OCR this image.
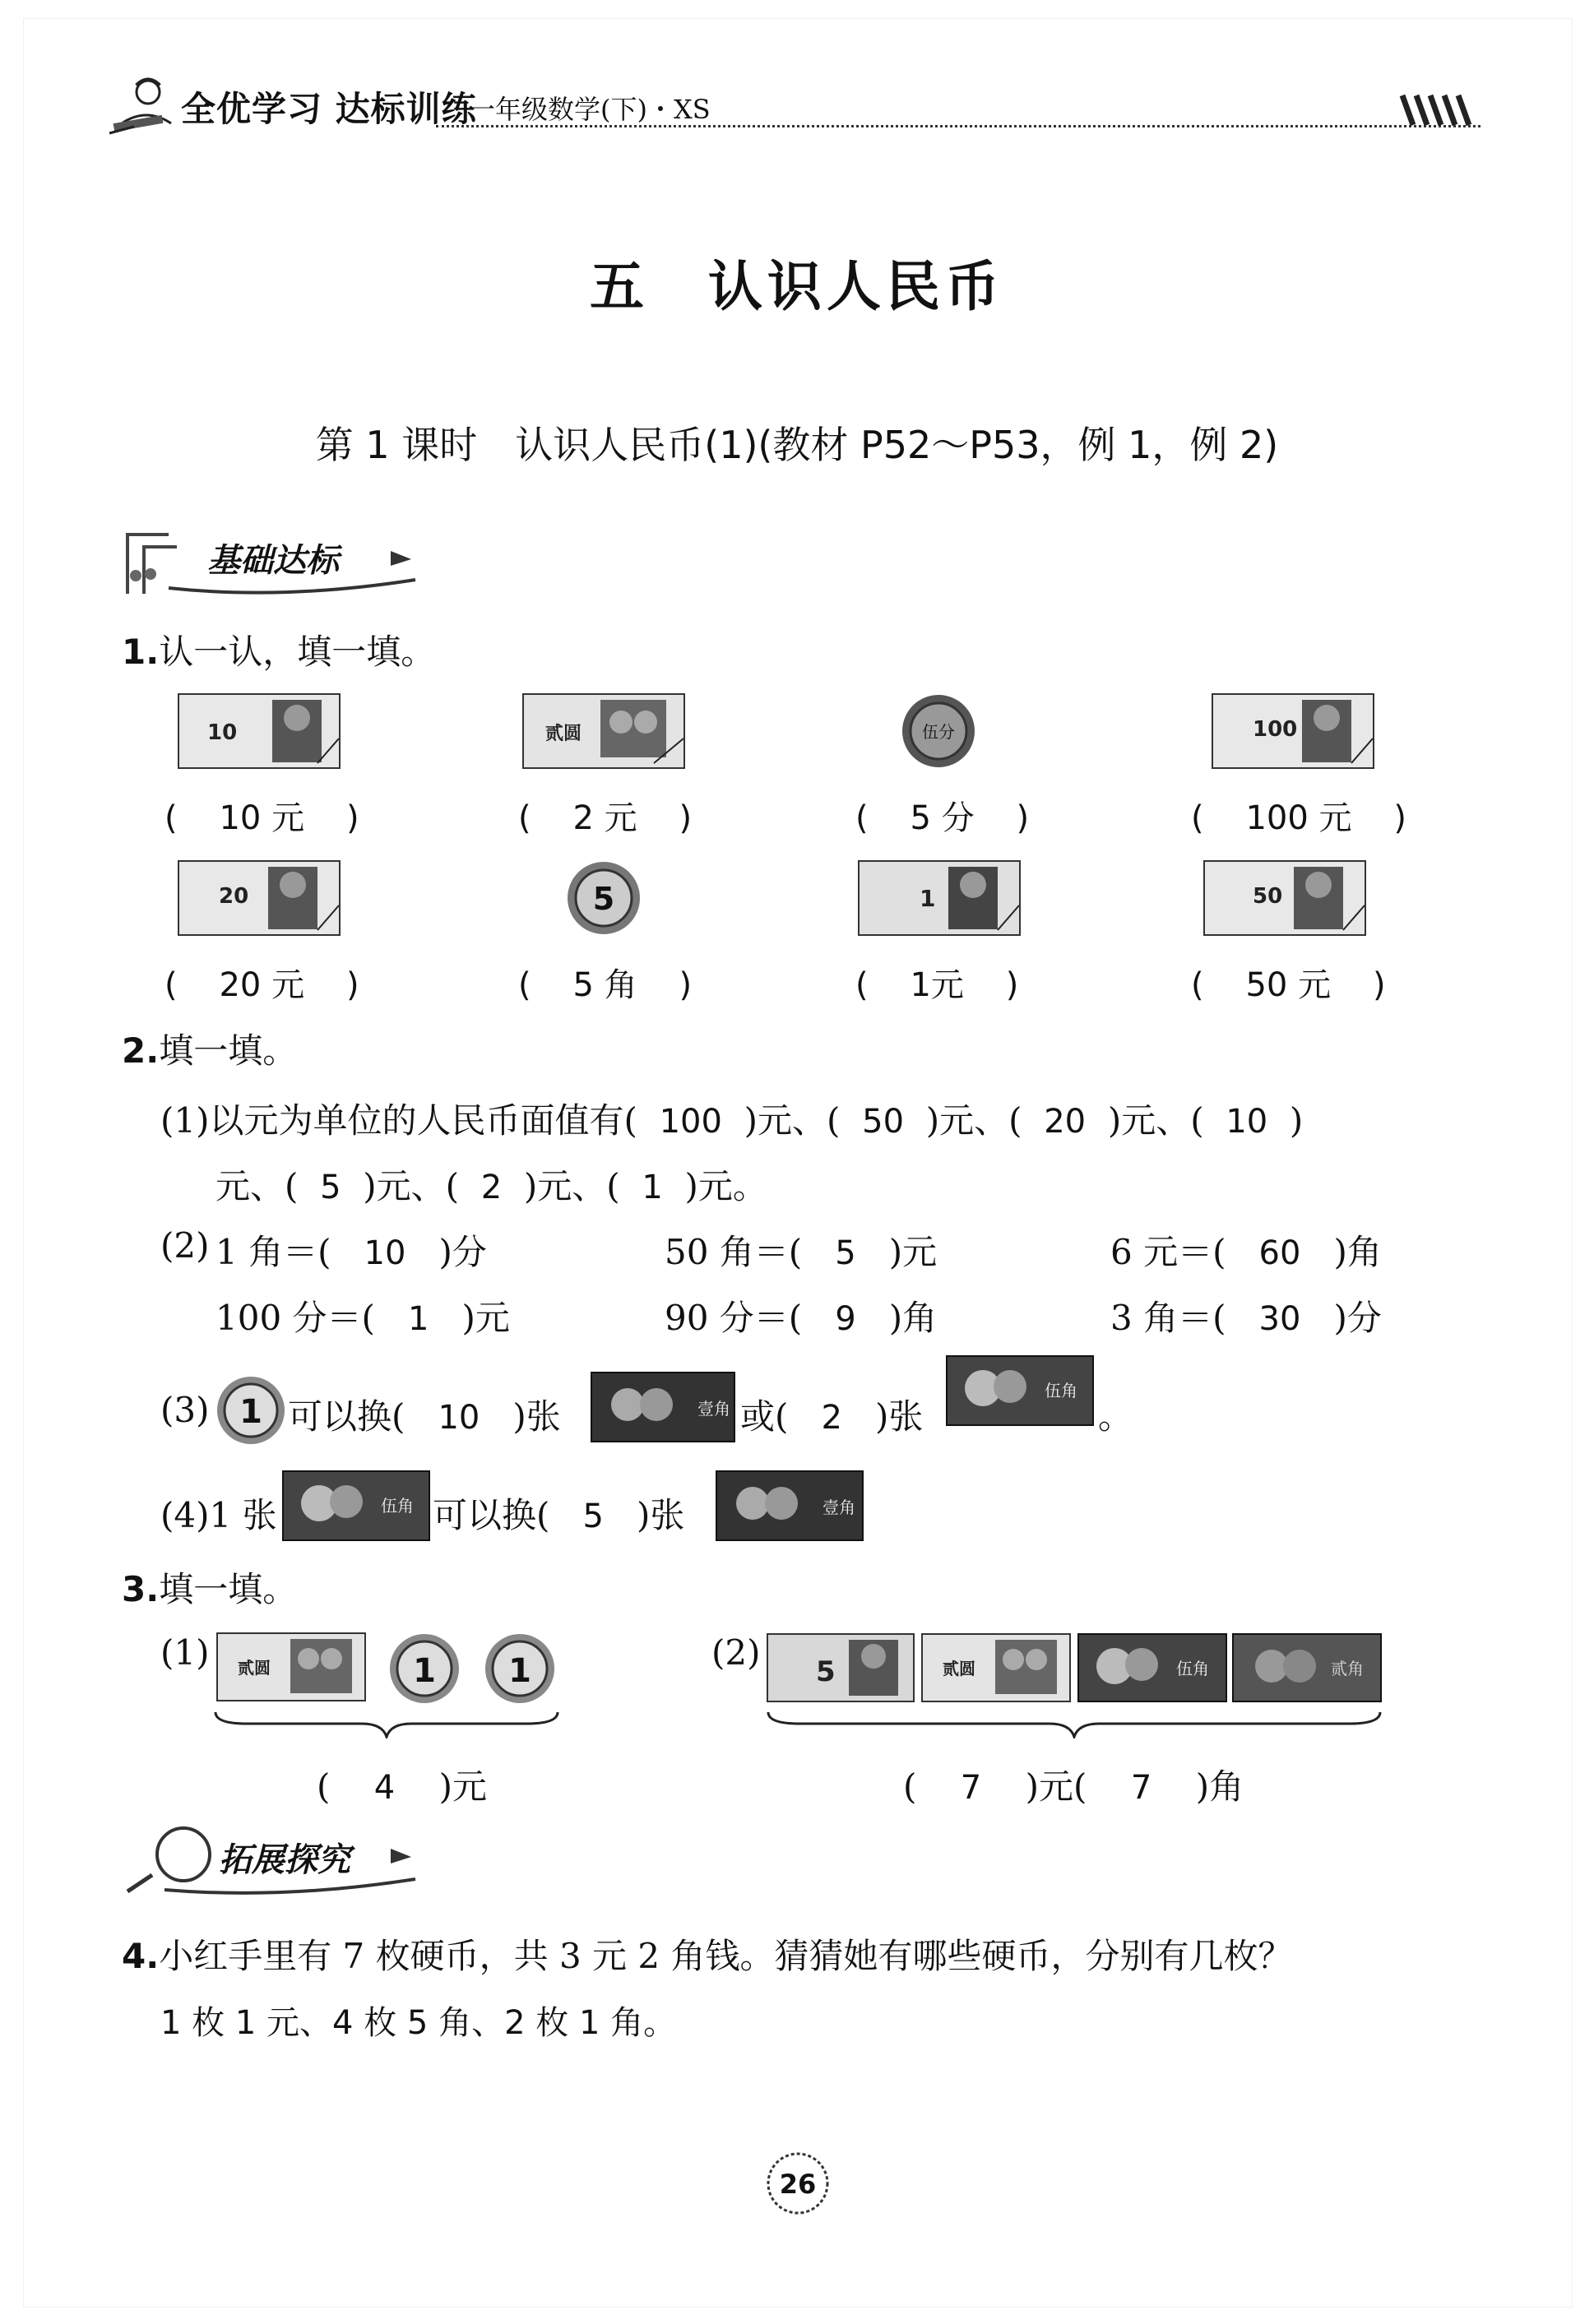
全优学习 达标训练
一年级数学(下)・XS
五　认识人民币
第 1 课时　认识人民币(1)(教材 P52～P53，例 1，例 2)
基础达标
1.认一认，填一填。
10	贰圆	伍分	100
(    10 元    )	(    2 元    )	(    5 分    )	(    100 元    )
20	5	1	50
(    20 元    )	(    5 角    )	(    1元    )	(    50 元    )
2.填一填。
(1)以元为单位的人民币面值有( 100 )元、( 50 )元、( 20 )元、( 10  )
元、( 5 )元、( 2 )元、( 1 )元。
(2) 1 角＝( 10 )分	50 角＝( 5 )元	6 元＝( 60 )角
100 分＝( 1 )元	90 分＝( 9 )角	3 角＝( 30 )分
(3) 1 可以换( 10 )张	壹角 或( 2 )张
伍角
。
(4)1 张	伍角 可以换( 5 )张	壹角
3.填一填。
(1) 贰圆	1 1
( 4 )元
(2) 5	贰圆	伍角	贰角
( 7 )元( 7 )角
拓展探究
4.小红手里有 7 枚硬币，共 3 元 2 角钱。猜猜她有哪些硬币，分别有几枚？
1 枚 1 元、4 枚 5 角、2 枚 1 角。
26
